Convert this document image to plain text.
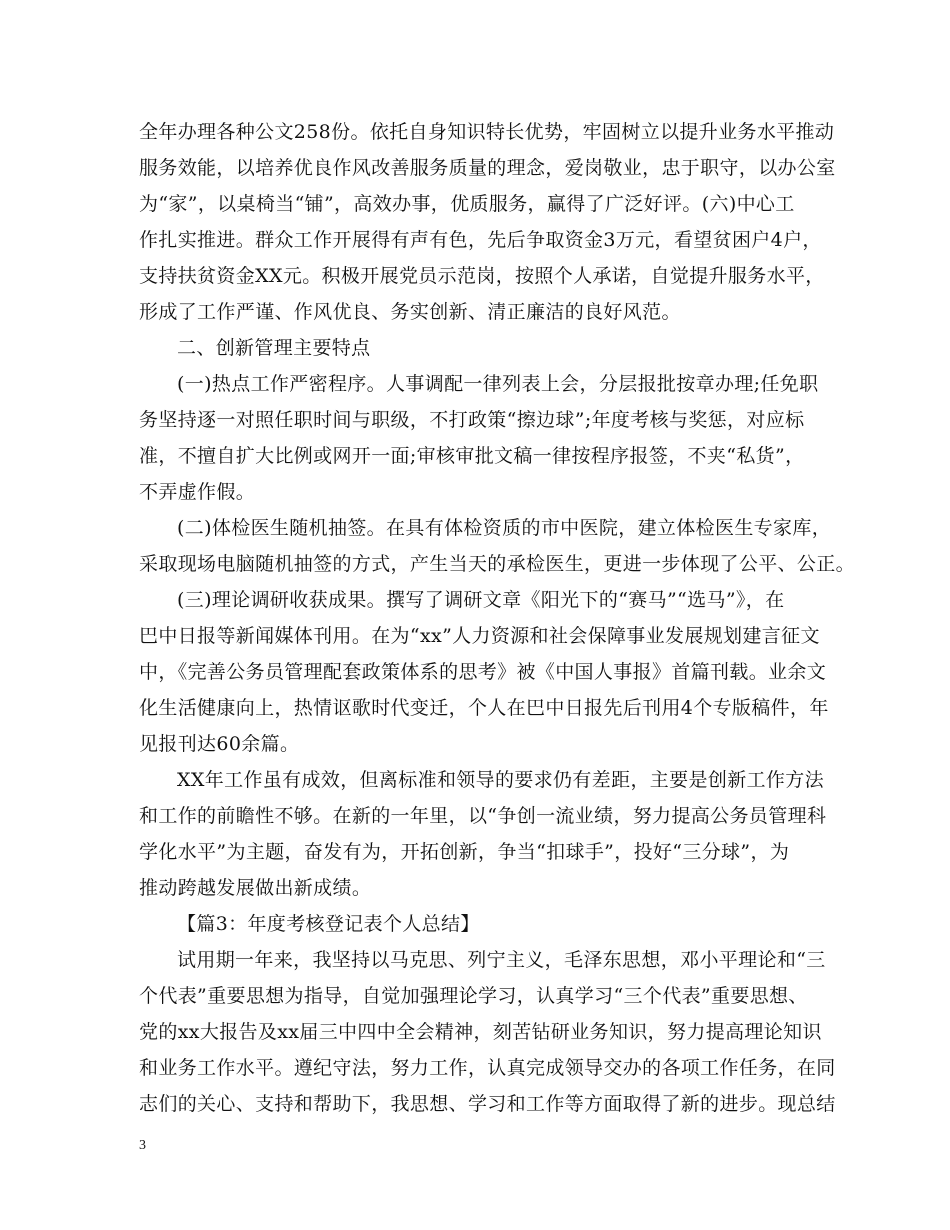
全年办理各种公文258份。依托自身知识特长优势，牢固树立以提升业务水平推动
服务效能，以培养优良作风改善服务质量的理念，爱岗敬业，忠于职守，以办公室
为“家”，以桌椅当“铺”，高效办事，优质服务，赢得了广泛好评。(六)中心工
作扎实推进。群众工作开展得有声有色，先后争取资金3万元，看望贫困户4户，
支持扶贫资金XX元。积极开展党员示范岗，按照个人承诺，自觉提升服务水平，
形成了工作严谨、作风优良、务实创新、清正廉洁的良好风范。
二、创新管理主要特点
(一)热点工作严密程序。人事调配一律列表上会，分层报批按章办理;任免职
务坚持逐一对照任职时间与职级，不打政策“擦边球”;年度考核与奖惩，对应标
准，不擅自扩大比例或网开一面;审核审批文稿一律按程序报签，不夹“私货”，
不弄虚作假。
(二)体检医生随机抽签。在具有体检资质的市中医院，建立体检医生专家库，
采取现场电脑随机抽签的方式，产生当天的承检医生，更进一步体现了公平、公正。
(三)理论调研收获成果。撰写了调研文章《阳光下的“赛马”“选马”》，在
巴中日报等新闻媒体刊用。在为“xx”人力资源和社会保障事业发展规划建言征文
中，《完善公务员管理配套政策体系的思考》被《中国人事报》首篇刊载。业余文
化生活健康向上，热情讴歌时代变迁，个人在巴中日报先后刊用4个专版稿件，年
见报刊达60余篇。
XX年工作虽有成效，但离标准和领导的要求仍有差距，主要是创新工作方法
和工作的前瞻性不够。在新的一年里，以“争创一流业绩，努力提高公务员管理科
学化水平”为主题，奋发有为，开拓创新，争当“扣球手”，投好“三分球”，为
推动跨越发展做出新成绩。
【篇3：年度考核登记表个人总结】
试用期一年来，我坚持以马克思、列宁主义，毛泽东思想，邓小平理论和“三
个代表”重要思想为指导，自觉加强理论学习，认真学习“三个代表”重要思想、
党的xx大报告及xx届三中四中全会精神，刻苦钻研业务知识，努力提高理论知识
和业务工作水平。遵纪守法，努力工作，认真完成领导交办的各项工作任务，在同
志们的关心、支持和帮助下，我思想、学习和工作等方面取得了新的进步。现总结
3
